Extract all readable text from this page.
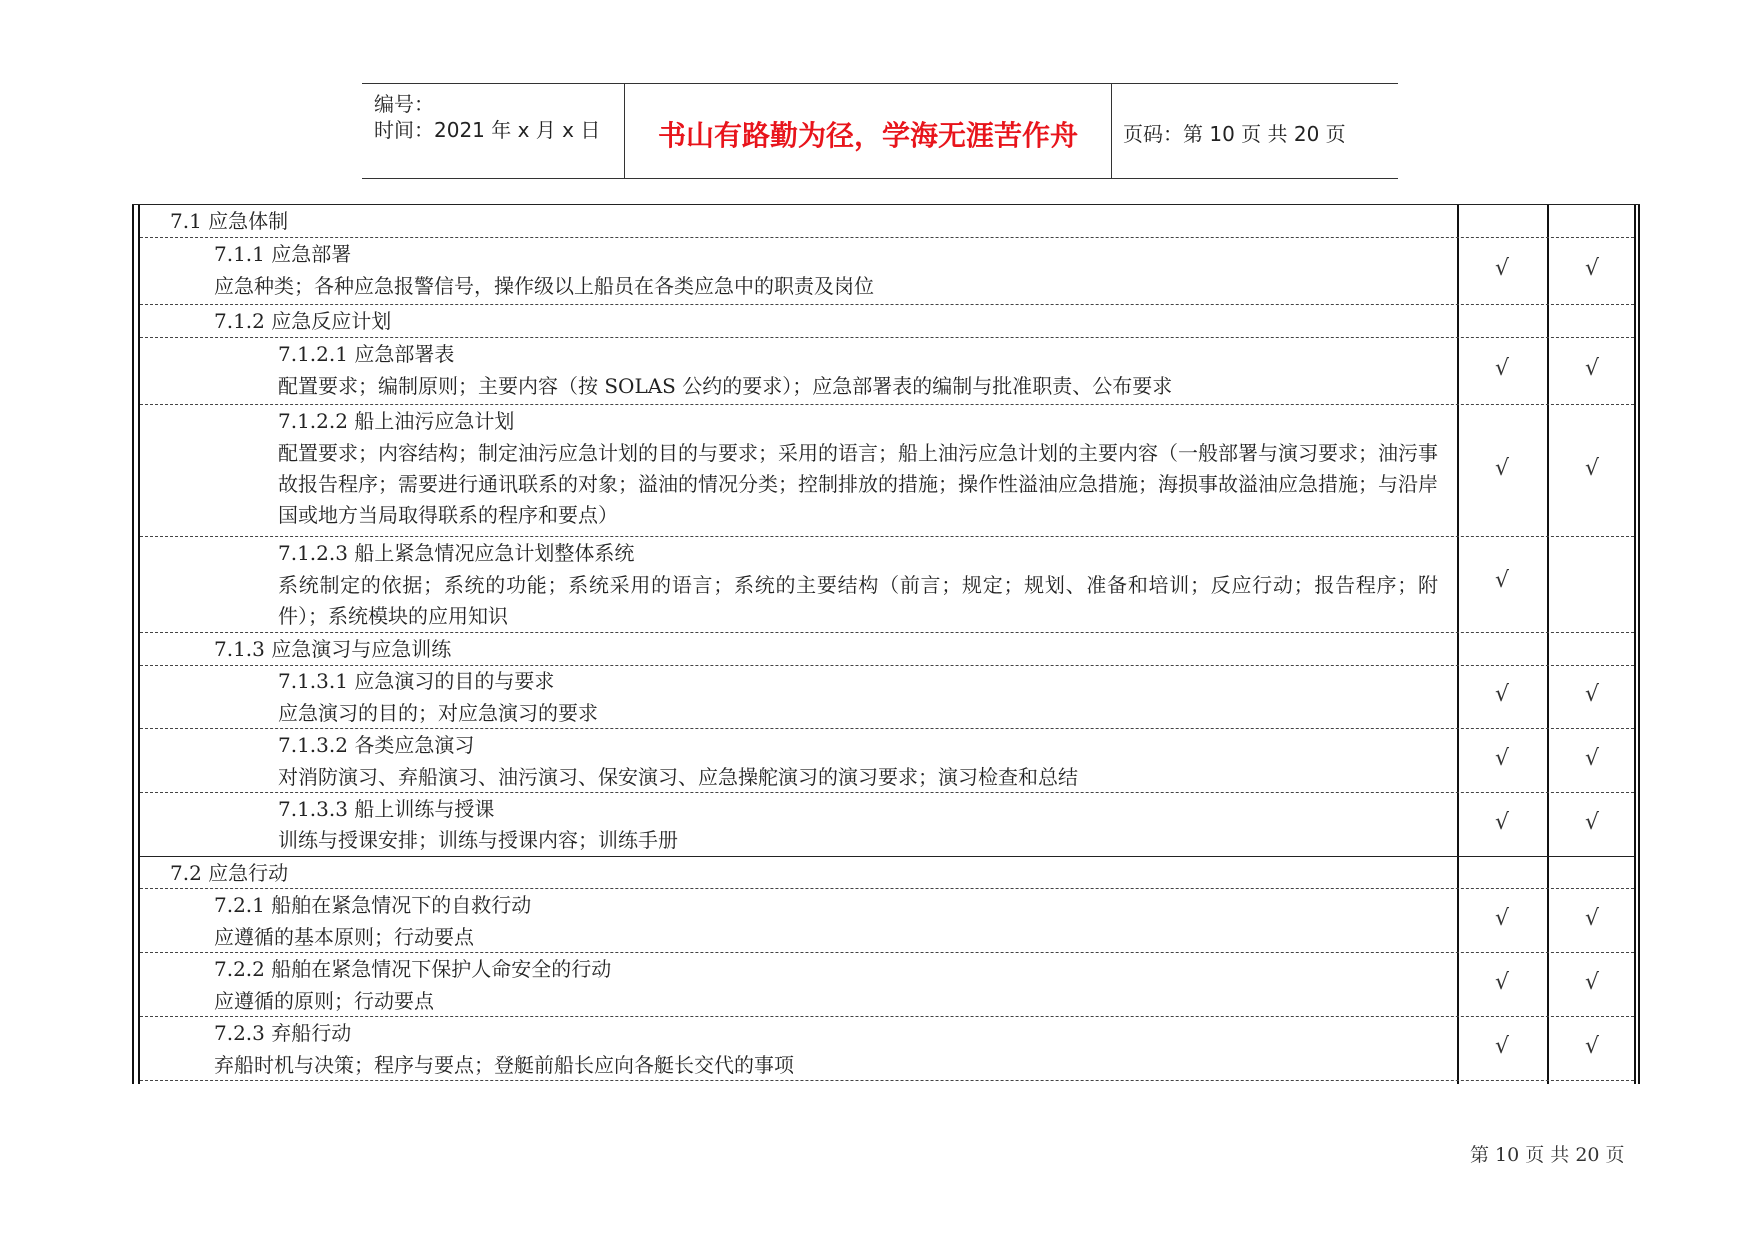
编号：
时间：2021 年 x 月 x 日	书山有路勤为径，学海无涯苦作舟	页码：第 10 页 共 20 页
7.1 应急体制
7.1.1 应急部署
应急种类；各种应急报警信号，操作级以上船员在各类应急中的职责及岗位
√	√
7.1.2 应急反应计划
7.1.2.1 应急部署表
配置要求；编制原则；主要内容（按 SOLAS 公约的要求）；应急部署表的编制与批准职责、公布要求
√	√
7.1.2.2 船上油污应急计划
配置要求；内容结构；制定油污应急计划的目的与要求；采用的语言；船上油污应急计划的主要内容（一般部署与演习要求；油污事故报告程序；需要进行通讯联系的对象；溢油的情况分类；控制排放的措施；操作性溢油应急措施；海损事故溢油应急措施；与沿岸国或地方当局取得联系的程序和要点）
√	√
7.1.2.3 船上紧急情况应急计划整体系统
系统制定的依据；系统的功能；系统采用的语言；系统的主要结构（前言；规定；规划、准备和培训；反应行动；报告程序；附件）；系统模块的应用知识
√
7.1.3 应急演习与应急训练
7.1.3.1 应急演习的目的与要求
应急演习的目的；对应急演习的要求
√	√
7.1.3.2 各类应急演习
对消防演习、弃船演习、油污演习、保安演习、应急操舵演习的演习要求；演习检查和总结
√	√
7.1.3.3 船上训练与授课
训练与授课安排；训练与授课内容；训练手册
√	√
7.2 应急行动
7.2.1 船舶在紧急情况下的自救行动
应遵循的基本原则；行动要点
√	√
7.2.2 船舶在紧急情况下保护人命安全的行动
应遵循的原则；行动要点
√	√
7.2.3 弃船行动
弃船时机与决策；程序与要点；登艇前船长应向各艇长交代的事项
√	√
第 10 页 共 20 页
